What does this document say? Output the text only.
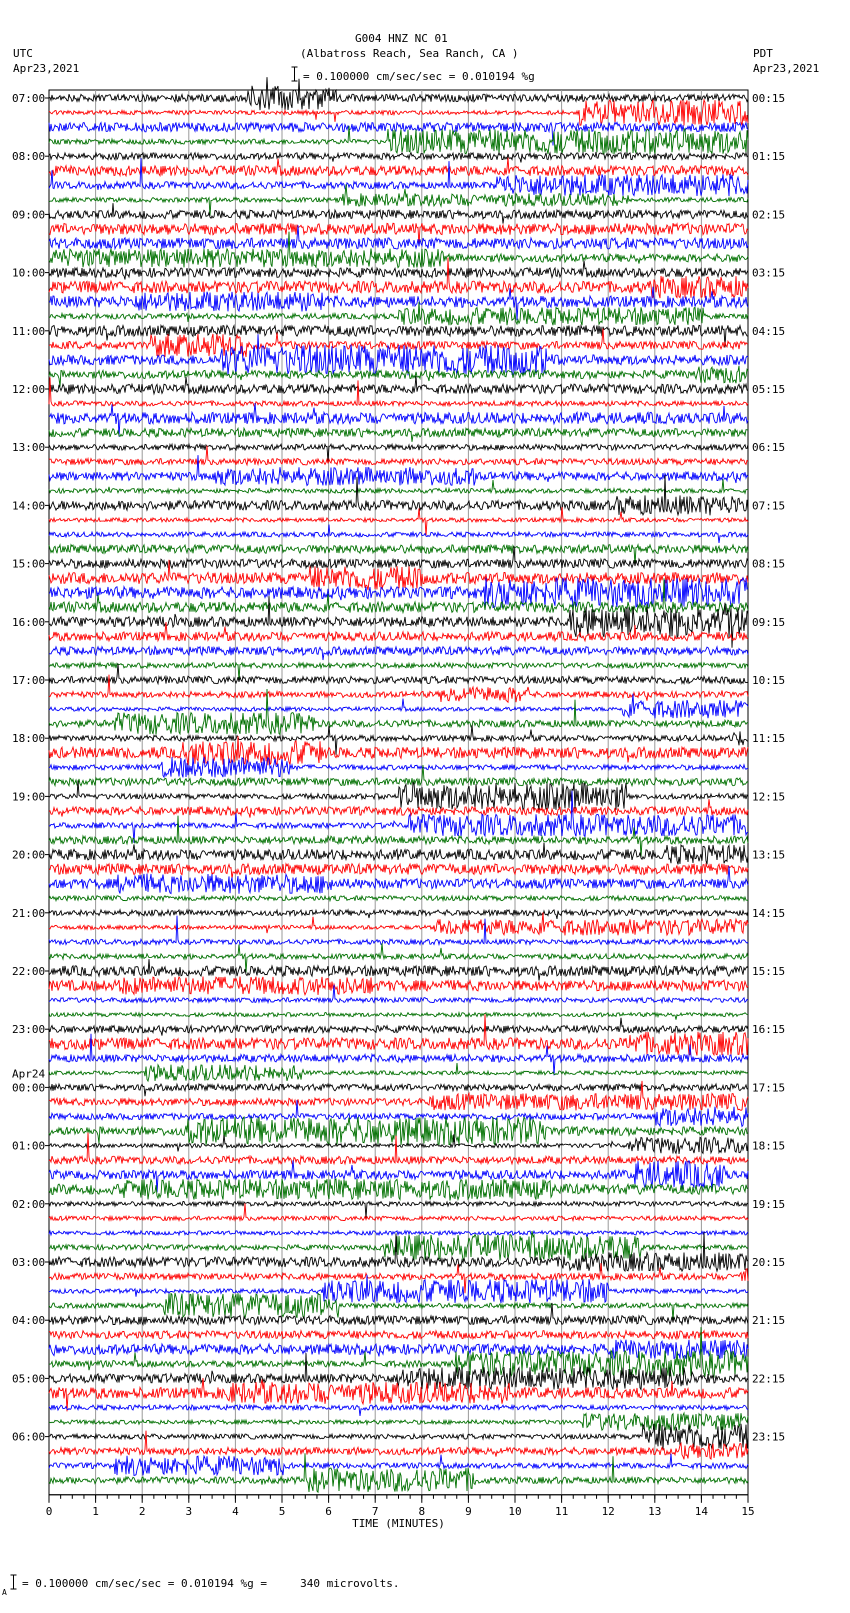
07:00
08:00
09:00
10:00
11:00
12:00
13:00
14:00
15:00
16:00
17:00
18:00
19:00
20:00
21:00
22:00
23:00
00:00
Apr24
01:00
02:00
03:00
04:00
05:00
06:00
00:15
01:15
02:15
03:15
04:15
05:15
06:15
07:15
08:15
09:15
10:15
11:15
12:15
13:15
14:15
15:15
16:15
17:15
18:15
19:15
20:15
21:15
22:15
23:15
0	1	2	3	4	5	6	7	8	9	10	11	12	13	14	15
TIME (MINUTES)
G004 HNZ NC 01
(Albatross Reach, Sea Ranch, CA )
UTC
Apr23,2021
PDT
Apr23,2021
= 0.100000 cm/sec/sec = 0.010194 %g
A
= 0.100000 cm/sec/sec = 0.010194 %g =     340 microvolts.
